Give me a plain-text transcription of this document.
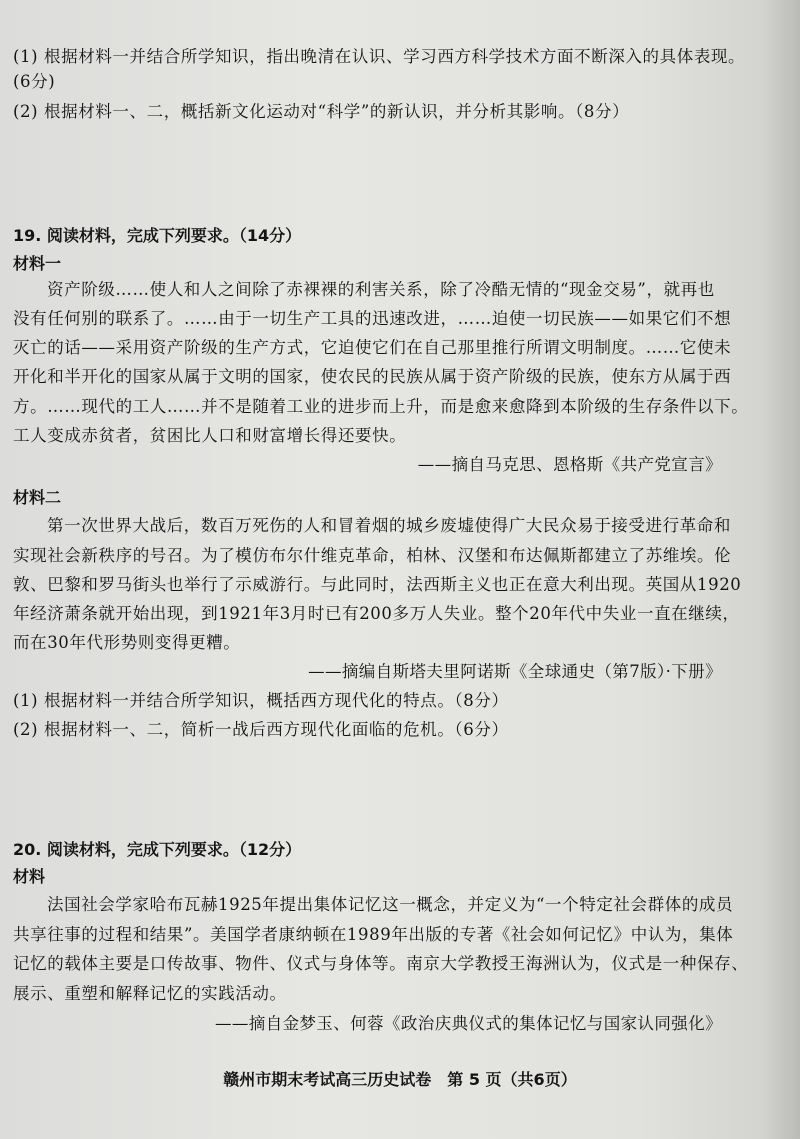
(1) 根据材料一并结合所学知识，指出晚清在认识、学习西方科学技术方面不断深入的具体表现。
(6分)
(2) 根据材料一、二，概括新文化运动对“科学”的新认识，并分析其影响。（8分）
19. 阅读材料，完成下列要求。（14分）
材料一
资产阶级……使人和人之间除了赤裸裸的利害关系，除了冷酷无情的“现金交易”，就再也
没有任何别的联系了。……由于一切生产工具的迅速改进，……迫使一切民族——如果它们不想
灭亡的话——采用资产阶级的生产方式，它迫使它们在自己那里推行所谓文明制度。……它使未
开化和半开化的国家从属于文明的国家，使农民的民族从属于资产阶级的民族，使东方从属于西
方。……现代的工人……并不是随着工业的进步而上升，而是愈来愈降到本阶级的生存条件以下。
工人变成赤贫者，贫困比人口和财富增长得还要快。
——摘自马克思、恩格斯《共产党宣言》
材料二
第一次世界大战后，数百万死伤的人和冒着烟的城乡废墟使得广大民众易于接受进行革命和
实现社会新秩序的号召。为了模仿布尔什维克革命，柏林、汉堡和布达佩斯都建立了苏维埃。伦
敦、巴黎和罗马街头也举行了示威游行。与此同时，法西斯主义也正在意大利出现。英国从1920
年经济萧条就开始出现，到1921年3月时已有200多万人失业。整个20年代中失业一直在继续，
而在30年代形势则变得更糟。
——摘编自斯塔夫里阿诺斯《全球通史（第7版）·下册》
(1) 根据材料一并结合所学知识，概括西方现代化的特点。（8分）
(2) 根据材料一、二，简析一战后西方现代化面临的危机。（6分）
20. 阅读材料，完成下列要求。（12分）
材料
法国社会学家哈布瓦赫1925年提出集体记忆这一概念，并定义为“一个特定社会群体的成员
共享往事的过程和结果”。美国学者康纳顿在1989年出版的专著《社会如何记忆》中认为，集体
记忆的载体主要是口传故事、物件、仪式与身体等。南京大学教授王海洲认为，仪式是一种保存、
展示、重塑和解释记忆的实践活动。
——摘自金梦玉、何蓉《政治庆典仪式的集体记忆与国家认同强化》
赣州市期末考试高三历史试卷　第 5 页（共6页）
